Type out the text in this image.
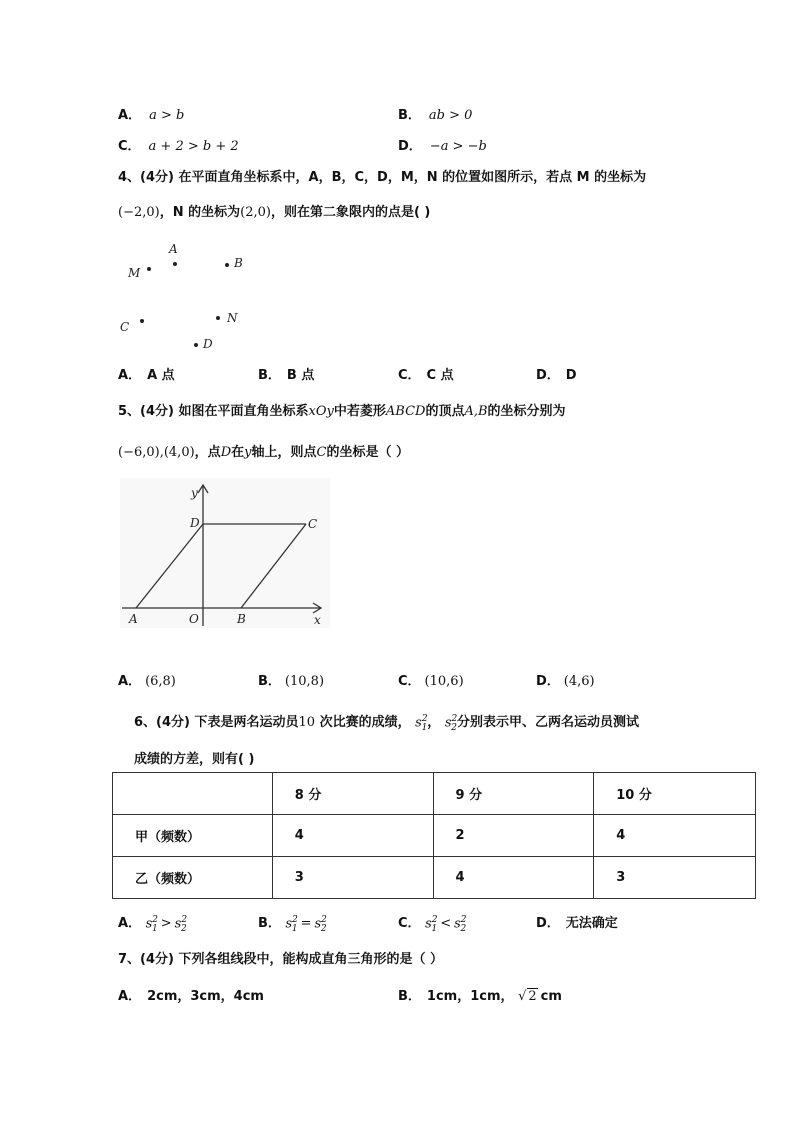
A． a > b	B． ab > 0
C． a + 2 > b + 2	D． −a > −b
4、(4分) 在平面直角坐标系中，A，B，C，D，M，N 的位置如图所示，若点 M 的坐标为
(−2,0) ，N 的坐标为 (2,0) ，则在第二象限内的点是( )
A
B
M
C
N
D
A． A 点	B． B 点	C． C 点	D． D
5、(4分)
如图在平面直角坐标系 xOy 中若菱形 ABCD 的顶点 A,B 的坐标分别为
(−6,0),(4,0) ，点 D 在 y 轴上，则点 C 的坐标是（ ）
y
x
D	C
A	O	B
A． (6,8)	B． (10,8)	C． (10,6)	D． (4,6)
6、(4分)
下表是两名运动员 10
次比赛的成绩，
$s^2_1$ ，
$s^2_2$ 分别表示甲、乙两名运动员测试
成绩的方差，则有( )
	8 分	9 分	10 分
甲（频数）	4	2	4
乙（频数）	3	4	3
A．
$s^2_1 > s^2_2$	B．
$s^2_1 = s^2_2$	C．
$s^2_1 < s^2_2$	D． 无法确定
7、(4分)
下列各组线段中，能构成直角三角形的是（ ）
A． 2cm，3cm，4cm	B． 1cm，1cm，
√ 2 cm
